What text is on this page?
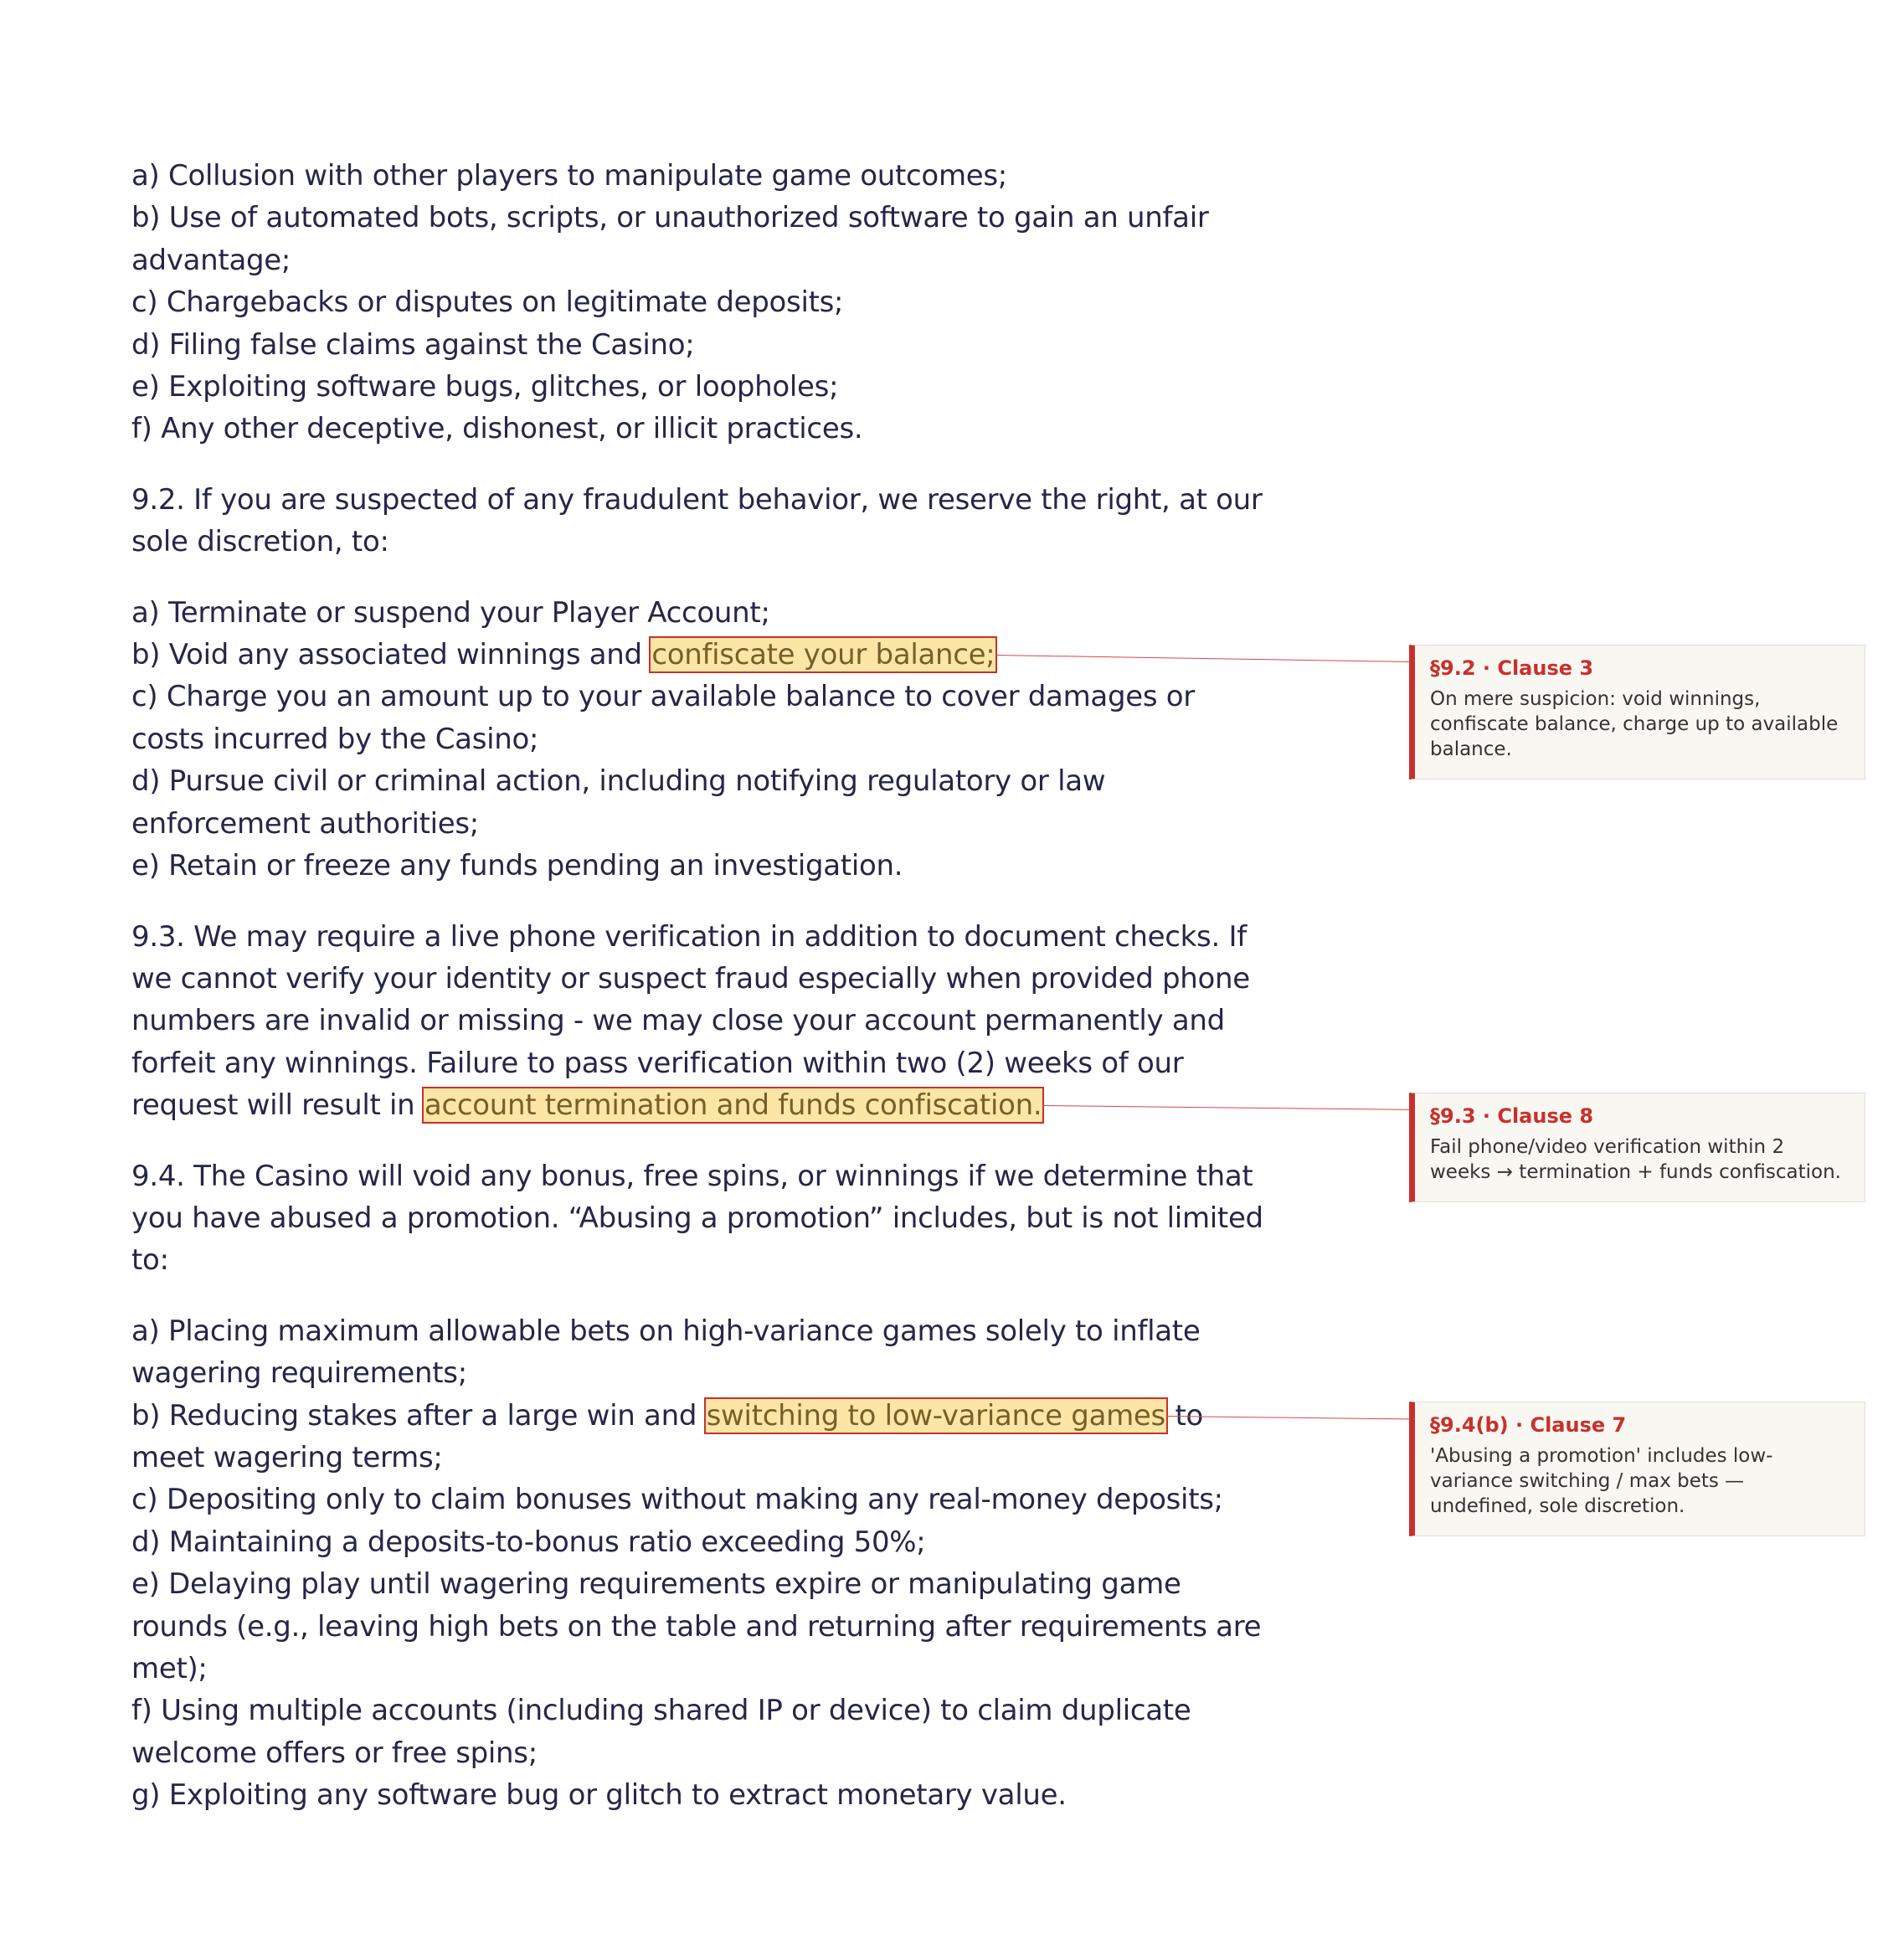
a) Collusion with other players to manipulate game outcomes;

b) Use of automated bots, scripts, or unauthorized software to gain an unfair advantage;

c) Chargebacks or disputes on legitimate deposits;

d) Filing false claims against the Casino;

e) Exploiting software bugs, glitches, or loopholes;

f) Any other deceptive, dishonest, or illicit practices.

9.2. If you are suspected of any fraudulent behavior, we reserve the right, at our sole discretion, to:

a) Terminate or suspend your Player Account;

b) Void any associated winnings and confiscate your balance;

c) Charge you an amount up to your available balance to cover damages or costs incurred by the Casino;

d) Pursue civil or criminal action, including notifying regulatory or law enforcement authorities;

e) Retain or freeze any funds pending an investigation.

9.3. We may require a live phone verification in addition to document checks. If we cannot verify your identity or suspect fraud especially when provided phone numbers are invalid or missing - we may close your account permanently and forfeit any winnings. Failure to pass verification within two (2) weeks of our request will result in account termination and funds confiscation.

9.4. The Casino will void any bonus, free spins, or winnings if we determine that you have abused a promotion. “Abusing a promotion” includes, but is not limited to:

a) Placing maximum allowable bets on high-variance games solely to inflate wagering requirements;

b) Reducing stakes after a large win and switching to low-variance games to meet wagering terms;

c) Depositing only to claim bonuses without making any real-money deposits;

d) Maintaining a deposits-to-bonus ratio exceeding 50%;

e) Delaying play until wagering requirements expire or manipulating game rounds (e.g., leaving high bets on the table and returning after requirements are met);

f) Using multiple accounts (including shared IP or device) to claim duplicate welcome offers or free spins;

g) Exploiting any software bug or glitch to extract monetary value.

§9.2 · Clause 3
On mere suspicion: void winnings, confiscate balance, charge up to available balance.
§9.3 · Clause 8
Fail phone/video verification within 2 weeks → termination + funds confiscation.
§9.4(b) · Clause 7
'Abusing a promotion' includes low-variance switching / max bets — undefined, sole discretion.
